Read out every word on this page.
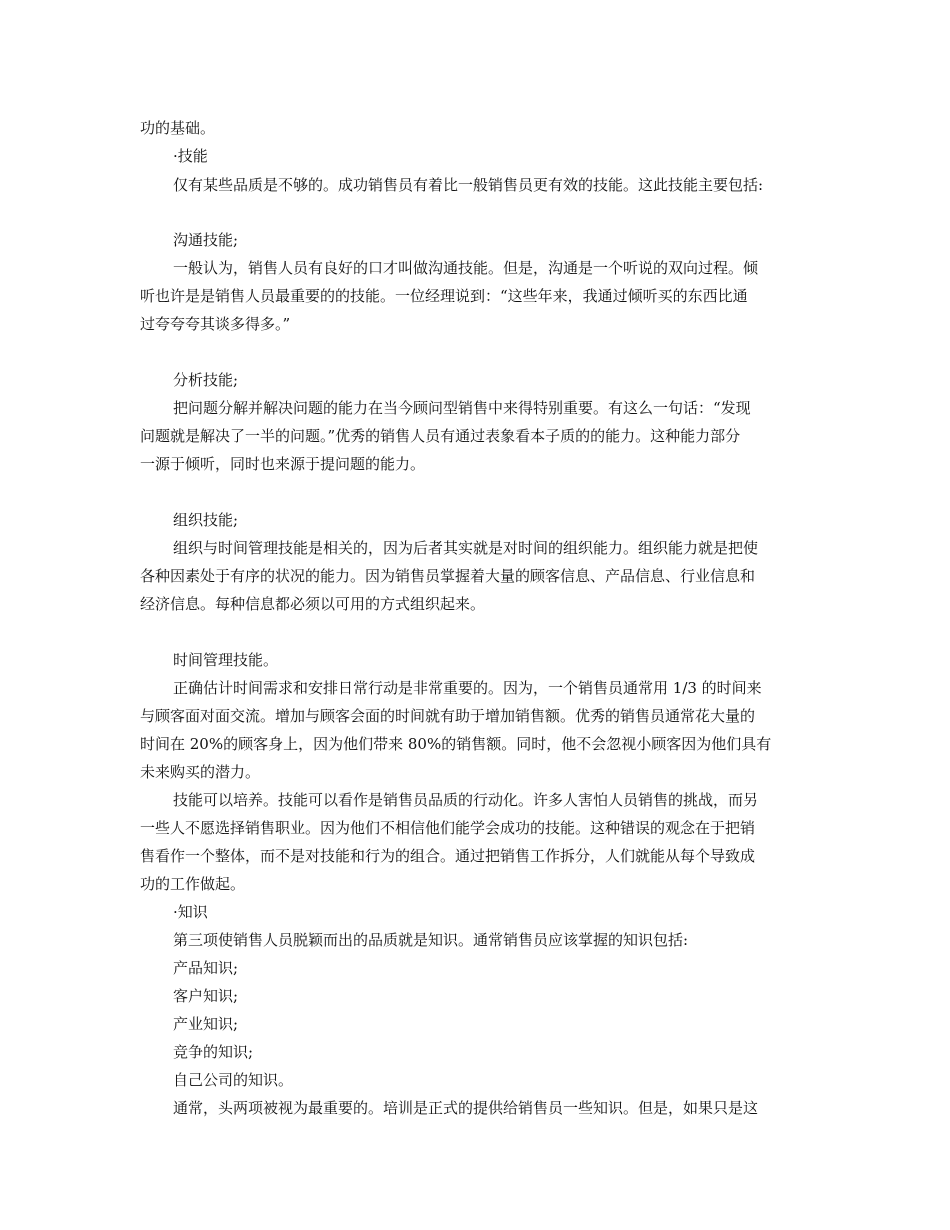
功的基础。
·技能
仅有某些品质是不够的。成功销售员有着比一般销售员更有效的技能。这此技能主要包括:
沟通技能;
一般认为，销售人员有良好的口才叫做沟通技能。但是，沟通是一个听说的双向过程。倾
听也许是是销售人员最重要的的技能。一位经理说到：“这些年来，我通过倾听买的东西比通
过夸夸夸其谈多得多。”
分析技能;
把问题分解并解决问题的能力在当今顾问型销售中来得特别重要。有这么一句话：“发现
问题就是解决了一半的问题。”优秀的销售人员有通过表象看本子质的的能力。这种能力部分
一源于倾听，同时也来源于提问题的能力。
组织技能;
组织与时间管理技能是相关的，因为后者其实就是对时间的组织能力。组织能力就是把使
各种因素处于有序的状况的能力。因为销售员掌握着大量的顾客信息、产品信息、行业信息和
经济信息。每种信息都必须以可用的方式组织起来。
时间管理技能。
正确估计时间需求和安排日常行动是非常重要的。因为，一个销售员通常用 1/3 的时间来
与顾客面对面交流。增加与顾客会面的时间就有助于增加销售额。优秀的销售员通常花大量的
时间在 20%的顾客身上，因为他们带来 80%的销售额。同时，他不会忽视小顾客因为他们具有
未来购买的潜力。
技能可以培养。技能可以看作是销售员品质的行动化。许多人害怕人员销售的挑战，而另
一些人不愿选择销售职业。因为他们不相信他们能学会成功的技能。这种错误的观念在于把销
售看作一个整体，而不是对技能和行为的组合。通过把销售工作拆分，人们就能从每个导致成
功的工作做起。
·知识
第三项使销售人员脱颖而出的品质就是知识。通常销售员应该掌握的知识包括:
产品知识;
客户知识;
产业知识;
竞争的知识;
自己公司的知识。
通常，头两项被视为最重要的。培训是正式的提供给销售员一些知识。但是，如果只是这
